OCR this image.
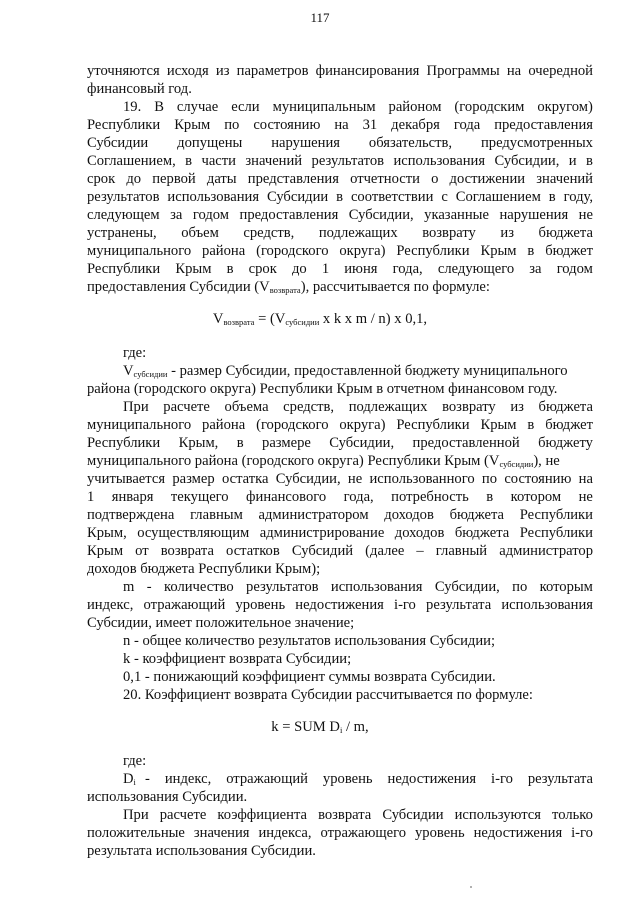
117
уточняются исходя из параметров финансирования Программы на очередной
финансовый год.
19. В случае если муниципальным районом (городским округом)
Республики Крым по состоянию на 31 декабря года предоставления
Субсидии допущены нарушения обязательств, предусмотренных
Соглашением, в части значений результатов использования Субсидии, и в
срок до первой даты представления отчетности о достижении значений
результатов использования Субсидии в соответствии с Соглашением в году,
следующем за годом предоставления Субсидии, указанные нарушения не
устранены, объем средств, подлежащих возврату из бюджета
муниципального района (городского округа) Республики Крым в бюджет
Республики Крым в срок до 1 июня года, следующего за годом
предоставления Субсидии $(V_{возврата})$, рассчитывается по формуле:
$V_{возврата} = (V_{субсидии}$ x k x m / n) x 0,1,
где:
$V_{субсидии}$ - размер Субсидии, предоставленной бюджету муниципального
района (городского округа) Республики Крым в отчетном финансовом году.
При расчете объема средств, подлежащих возврату из бюджета
муниципального района (городского округа) Республики Крым в бюджет
Республики Крым, в размере Субсидии, предоставленной бюджету
муниципального района (городского округа) Республики Крым $(V_{субсидии})$, не
учитывается размер остатка Субсидии, не использованного по состоянию на
1 января текущего финансового года, потребность в котором не
подтверждена главным администратором доходов бюджета Республики
Крым, осуществляющим администрирование доходов бюджета Республики
Крым от возврата остатков Субсидий (далее – главный администратор
доходов бюджета Республики Крым);
m - количество результатов использования Субсидии, по которым
индекс, отражающий уровень недостижения i-го результата использования
Субсидии, имеет положительное значение;
n - общее количество результатов использования Субсидии;
k - коэффициент возврата Субсидии;
0,1 - понижающий коэффициент суммы возврата Субсидии.
20. Коэффициент возврата Субсидии рассчитывается по формуле:
k = SUM $D_i$ / m,
где:
$D_i$ - индекс, отражающий уровень недостижения i-го результата
использования Субсидии.
При расчете коэффициента возврата Субсидии используются только
положительные значения индекса, отражающего уровень недостижения i-го
результата использования Субсидии.
